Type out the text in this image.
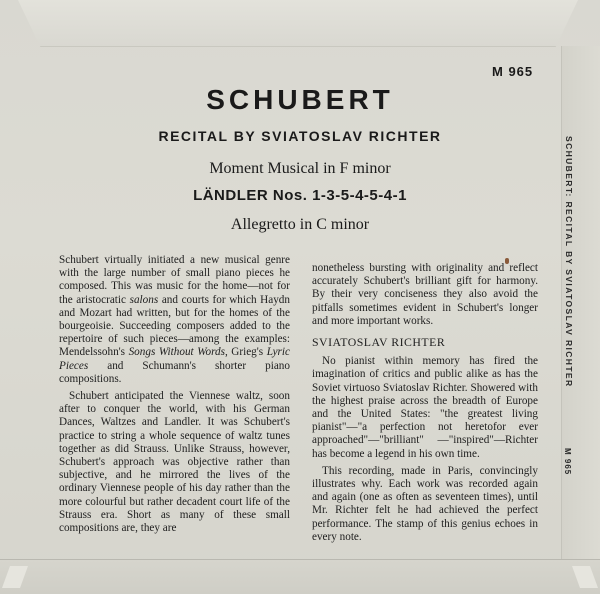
M 965
SCHUBERT
RECITAL BY SVIATOSLAV RICHTER
Moment Musical in F minor
LÄNDLER Nos. 1-3-5-4-5-4-1
Allegretto in C minor

Schubert virtually initiated a new musical genre with the large number of small piano pieces he composed. This was music for the home—not for the aristocratic salons and courts for which Haydn and Mozart had written, but for the homes of the bourgeoisie. Succeeding composers added to the repertoire of such pieces—among the examples: Mendelssohn's Songs Without Words, Grieg's Lyric Pieces and Schumann's shorter piano compositions.

Schubert anticipated the Viennese waltz, soon after to conquer the world, with his German Dances, Waltzes and Landler. It was Schubert's practice to string a whole sequence of waltz tunes together as did Strauss. Unlike Strauss, however, Schubert's approach was objective rather than subjective, and he mirrored the lives of the ordinary Viennese people of his day rather than the more colourful but rather decadent court life of the Strauss era. Short as many of these small compositions are, they are

nonetheless bursting with originality and reflect accurately Schubert's brilliant gift for harmony. By their very conciseness they also avoid the pitfalls sometimes evident in Schubert's longer and more important works.

SVIATOSLAV RICHTER

No pianist within memory has fired the imagination of critics and public alike as has the Soviet virtuoso Sviatoslav Richter. Showered with the highest praise across the breadth of Europe and the United States: "the greatest living pianist"—"a perfection not heretofor ever approached"—"brilliant" —"inspired"—Richter has become a legend in his own time.

This recording, made in Paris, convincingly illustrates why. Each work was recorded again and again (one as often as seventeen times), until Mr. Richter felt he had achieved the perfect performance. The stamp of this genius echoes in every note.

SCHUBERT: RECITAL BY SVIATOSLAV RICHTER
M 965
